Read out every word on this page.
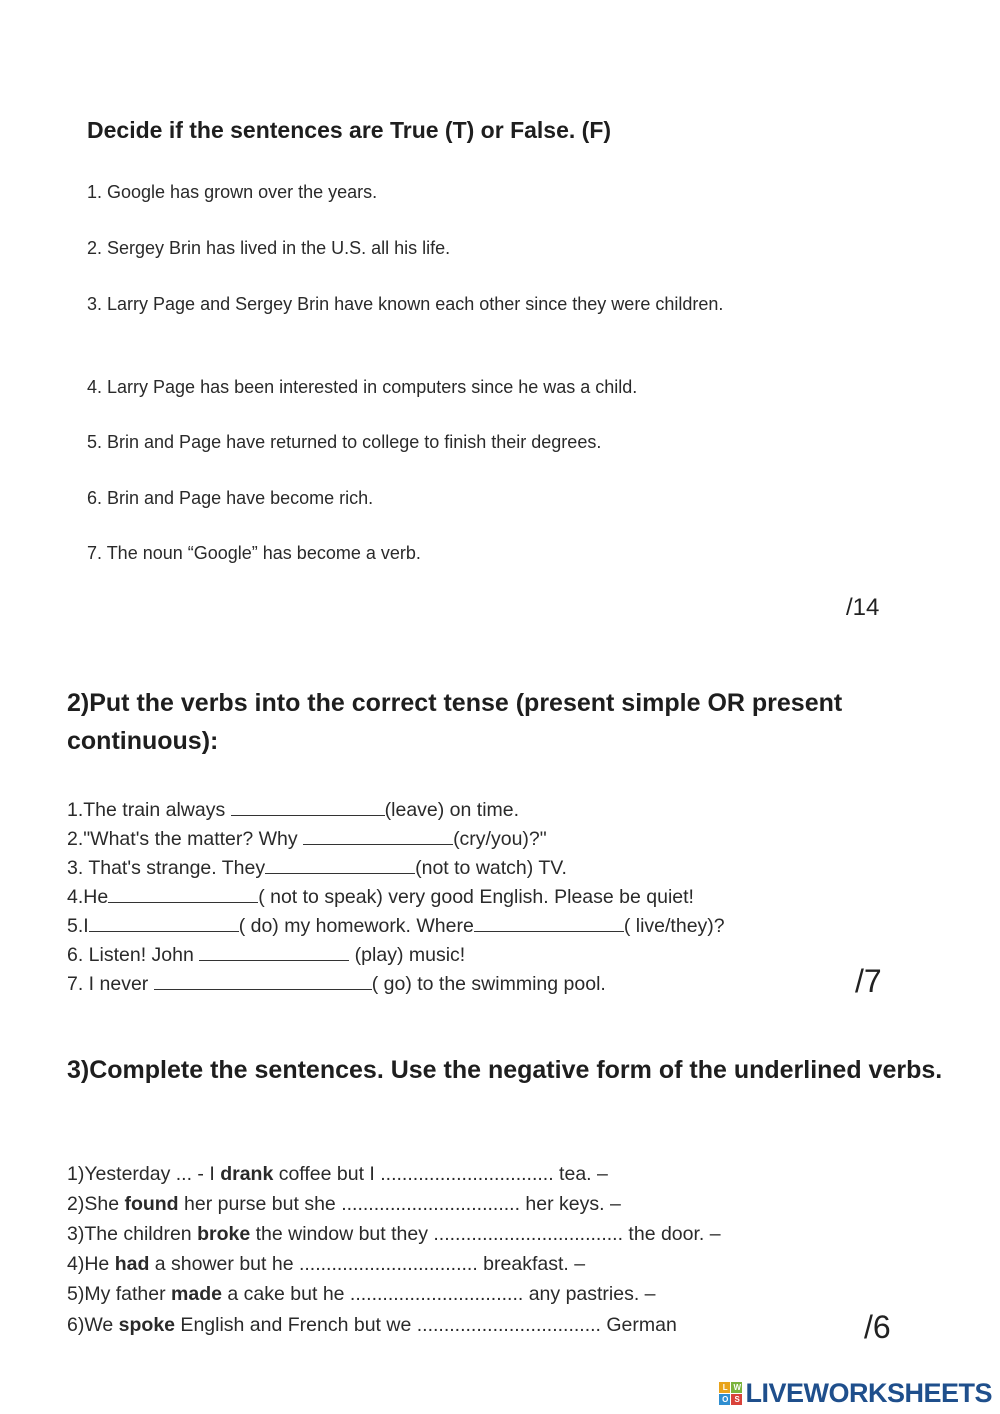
Decide if the sentences are True (T) or False. (F)
1. Google has grown over the years.
2. Sergey Brin has lived in the U.S. all his life.
3. Larry Page and Sergey Brin have known each other since they were children.
4. Larry Page has been interested in computers since he was a child.
5. Brin and Page have returned to college to finish their degrees.
6. Brin and Page have become rich.
7. The noun “Google” has become a verb.
/14
2)Put the verbs into the correct tense (present simple OR present continuous):
1.The train always	(leave) on time.
2."What's the matter? Why	(cry/you)?"
3. That's strange. They	(not to watch) TV.
4.He	( not to speak) very good English. Please be quiet!
5.I	( do) my homework. Where	( live/they)?
6. Listen! John	(play) music!
7. I never	( go) to the swimming pool.	/7
3)Complete the sentences. Use the negative form of the underlined verbs.
1)Yesterday ... - I drank coffee but I ................................ tea. –
2)She found her purse but she ................................. her keys. –
3)The children broke the window but they ................................... the door. –
4)He had a shower but he ................................. breakfast. –
5)My father made a cake but he ................................ any pastries. –
6)We spoke English and French but we .................................. German	/6
L W
O S LIVEWORKSHEETS
